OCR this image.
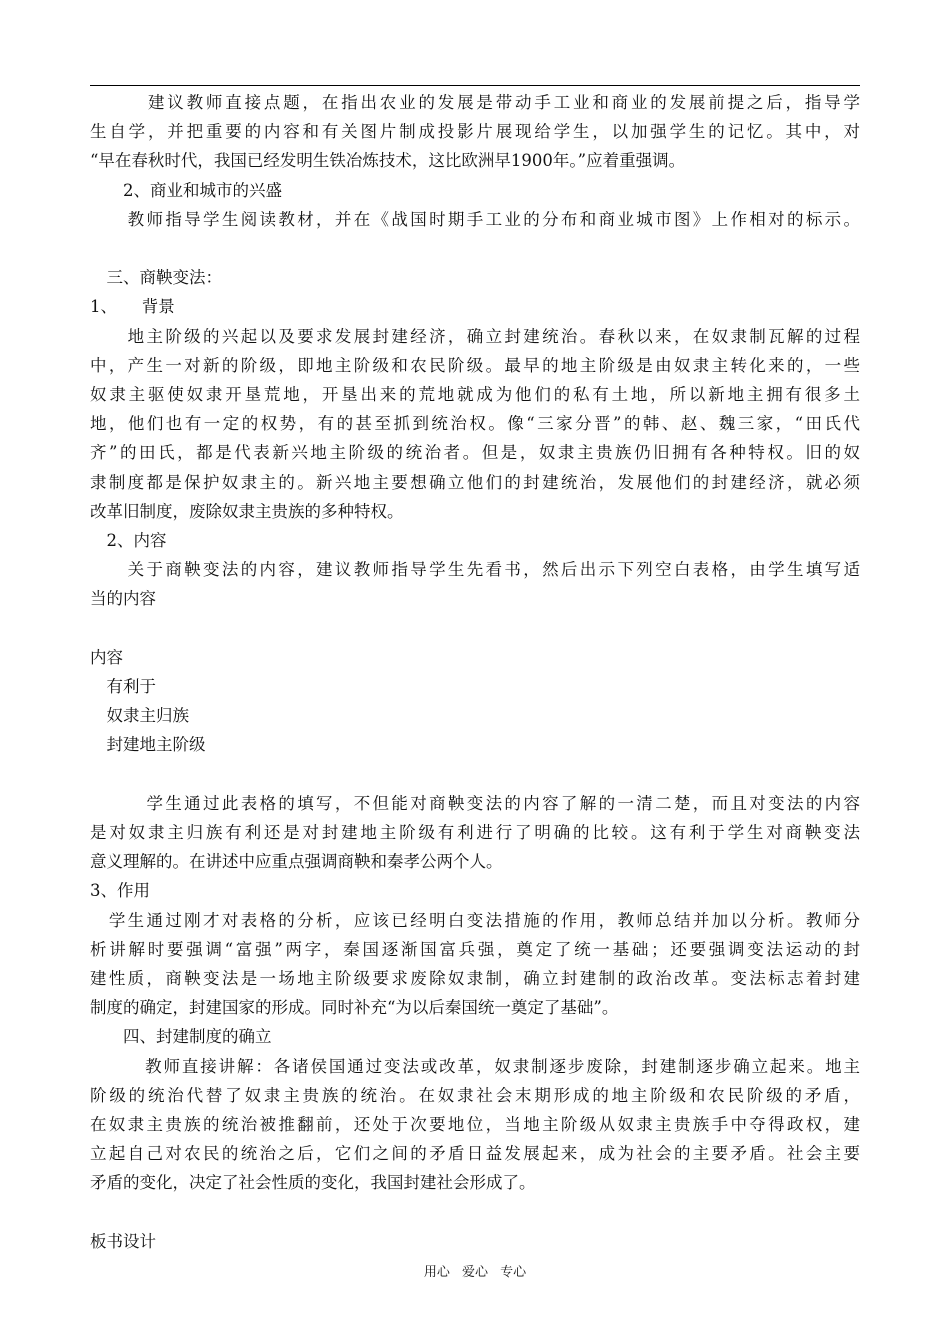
　　　建议教师直接点题，在指出农业的发展是带动手工业和商业的发展前提之后，指导学
生自学，并把重要的内容和有关图片制成投影片展现给学生，以加强学生的记忆。其中，对
“早在春秋时代，我国已经发明生铁冶炼技术，这比欧洲早1900年。”应着重强调。
　　2、商业和城市的兴盛
　　教师指导学生阅读教材，并在《战国时期手工业的分布和商业城市图》上作相对的标示。
　三、商鞅变法：
1、　　背景
　　地主阶级的兴起以及要求发展封建经济，确立封建统治。春秋以来，在奴隶制瓦解的过程
中，产生一对新的阶级，即地主阶级和农民阶级。最早的地主阶级是由奴隶主转化来的，一些
奴隶主驱使奴隶开垦荒地，开垦出来的荒地就成为他们的私有土地，所以新地主拥有很多土
地，他们也有一定的权势，有的甚至抓到统治权。像“三家分晋”的韩、赵、魏三家，“田氏代
齐”的田氏，都是代表新兴地主阶级的统治者。但是，奴隶主贵族仍旧拥有各种特权。旧的奴
隶制度都是保护奴隶主的。新兴地主要想确立他们的封建统治，发展他们的封建经济，就必须
改革旧制度，废除奴隶主贵族的多种特权。
　2、内容
　　关于商鞅变法的内容，建议教师指导学生先看书，然后出示下列空白表格，由学生填写适
当的内容
内容
　有利于
　奴隶主归族
　封建地主阶级
　　　学生通过此表格的填写，不但能对商鞅变法的内容了解的一清二楚，而且对变法的内容
是对奴隶主归族有利还是对封建地主阶级有利进行了明确的比较。这有利于学生对商鞅变法
意义理解的。在讲述中应重点强调商鞅和秦孝公两个人。
3、作用
　学生通过刚才对表格的分析，应该已经明白变法措施的作用，教师总结并加以分析。教师分
析讲解时要强调“富强”两字，秦国逐渐国富兵强，奠定了统一基础；还要强调变法运动的封
建性质，商鞅变法是一场地主阶级要求废除奴隶制，确立封建制的政治改革。变法标志着封建
制度的确定，封建国家的形成。同时补充“为以后秦国统一奠定了基础”。
　　四、封建制度的确立
　　　教师直接讲解：各诸侯国通过变法或改革，奴隶制逐步废除，封建制逐步确立起来。地主
阶级的统治代替了奴隶主贵族的统治。在奴隶社会末期形成的地主阶级和农民阶级的矛盾，
在奴隶主贵族的统治被推翻前，还处于次要地位，当地主阶级从奴隶主贵族手中夺得政权，建
立起自己对农民的统治之后，它们之间的矛盾日益发展起来，成为社会的主要矛盾。社会主要
矛盾的变化，决定了社会性质的变化，我国封建社会形成了。
板书设计
用心 爱心 专心
